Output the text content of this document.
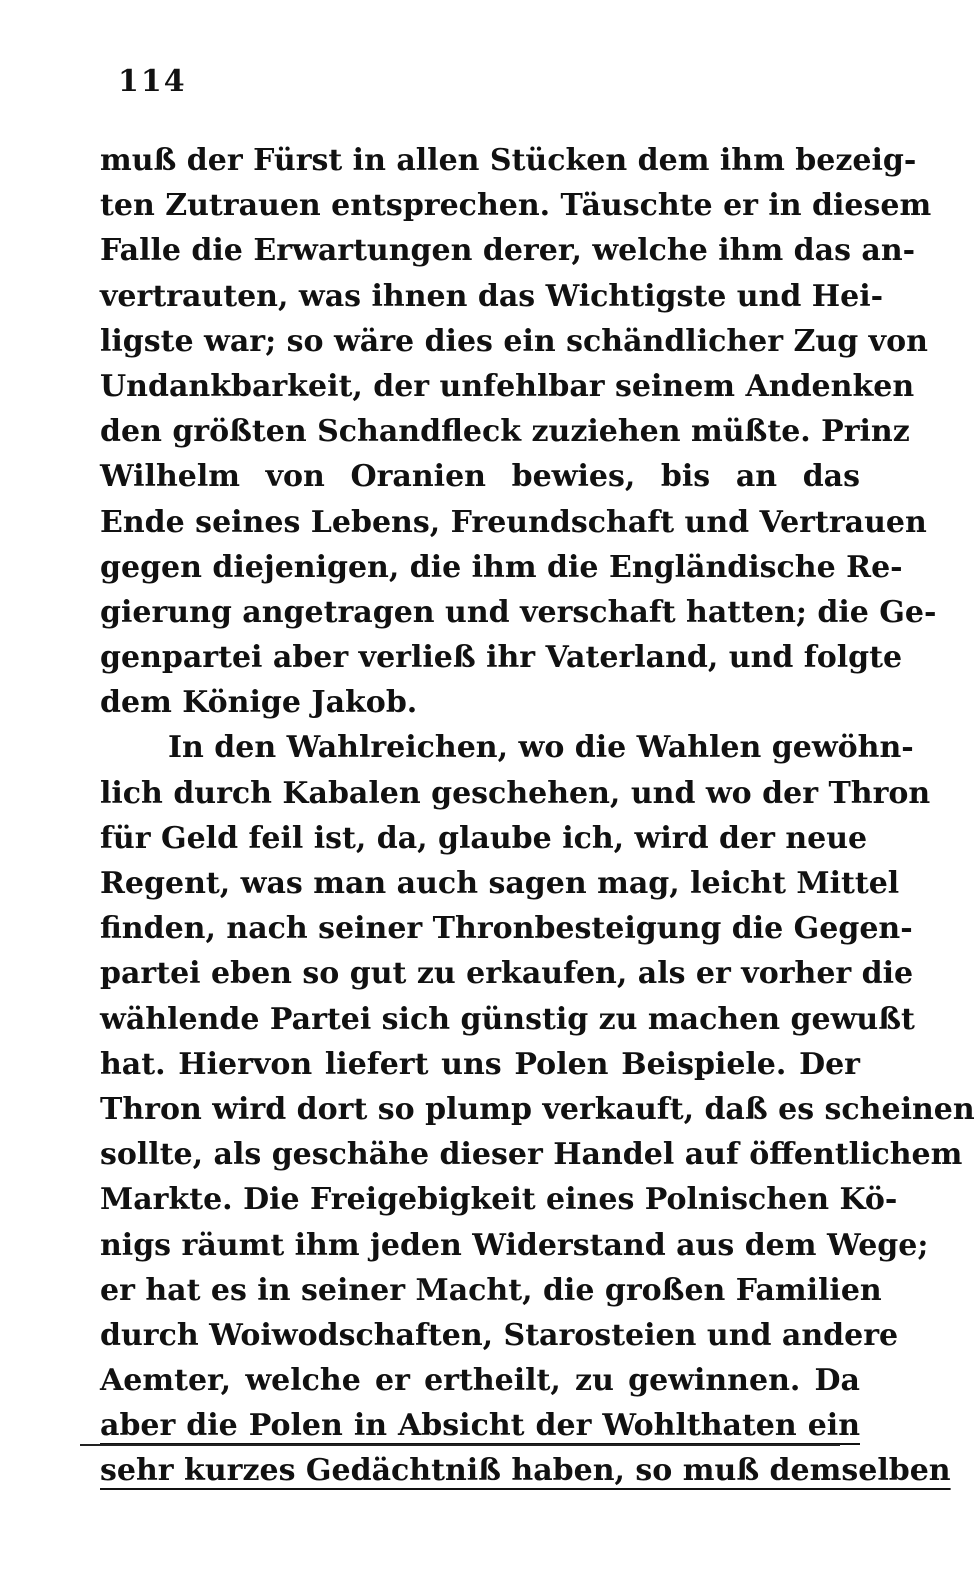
114
muß der Fürst in allen Stücken dem ihm bezeig-
ten Zutrauen entsprechen. Täuschte er in diesem
Falle die Erwartungen derer, welche ihm das an-
vertrauten, was ihnen das Wichtigste und Hei-
ligste war; so wäre dies ein schändlicher Zug von
Undankbarkeit, der unfehlbar seinem Andenken
den größten Schandfleck zuziehen müßte. Prinz
Wilhelm von Oranien bewies, bis an das
Ende seines Lebens, Freundschaft und Vertrauen
gegen diejenigen, die ihm die Engländische Re-
gierung angetragen und verschaft hatten; die Ge-
genpartei aber verließ ihr Vaterland, und folgte
dem Könige Jakob.
In den Wahlreichen, wo die Wahlen gewöhn-
lich durch Kabalen geschehen, und wo der Thron
für Geld feil ist, da, glaube ich, wird der neue
Regent, was man auch sagen mag, leicht Mittel
finden, nach seiner Thronbesteigung die Gegen-
partei eben so gut zu erkaufen, als er vorher die
wählende Partei sich günstig zu machen gewußt
hat. Hiervon liefert uns Polen Beispiele. Der
Thron wird dort so plump verkauft, daß es scheinen
sollte, als geschähe dieser Handel auf öffentlichem
Markte. Die Freigebigkeit eines Polnischen Kö-
nigs räumt ihm jeden Widerstand aus dem Wege;
er hat es in seiner Macht, die großen Familien
durch Woiwodschaften, Starosteien und andere
Aemter, welche er ertheilt, zu gewinnen. Da
aber die Polen in Absicht der Wohlthaten ein
sehr kurzes Gedächtniß haben, so muß demselben
